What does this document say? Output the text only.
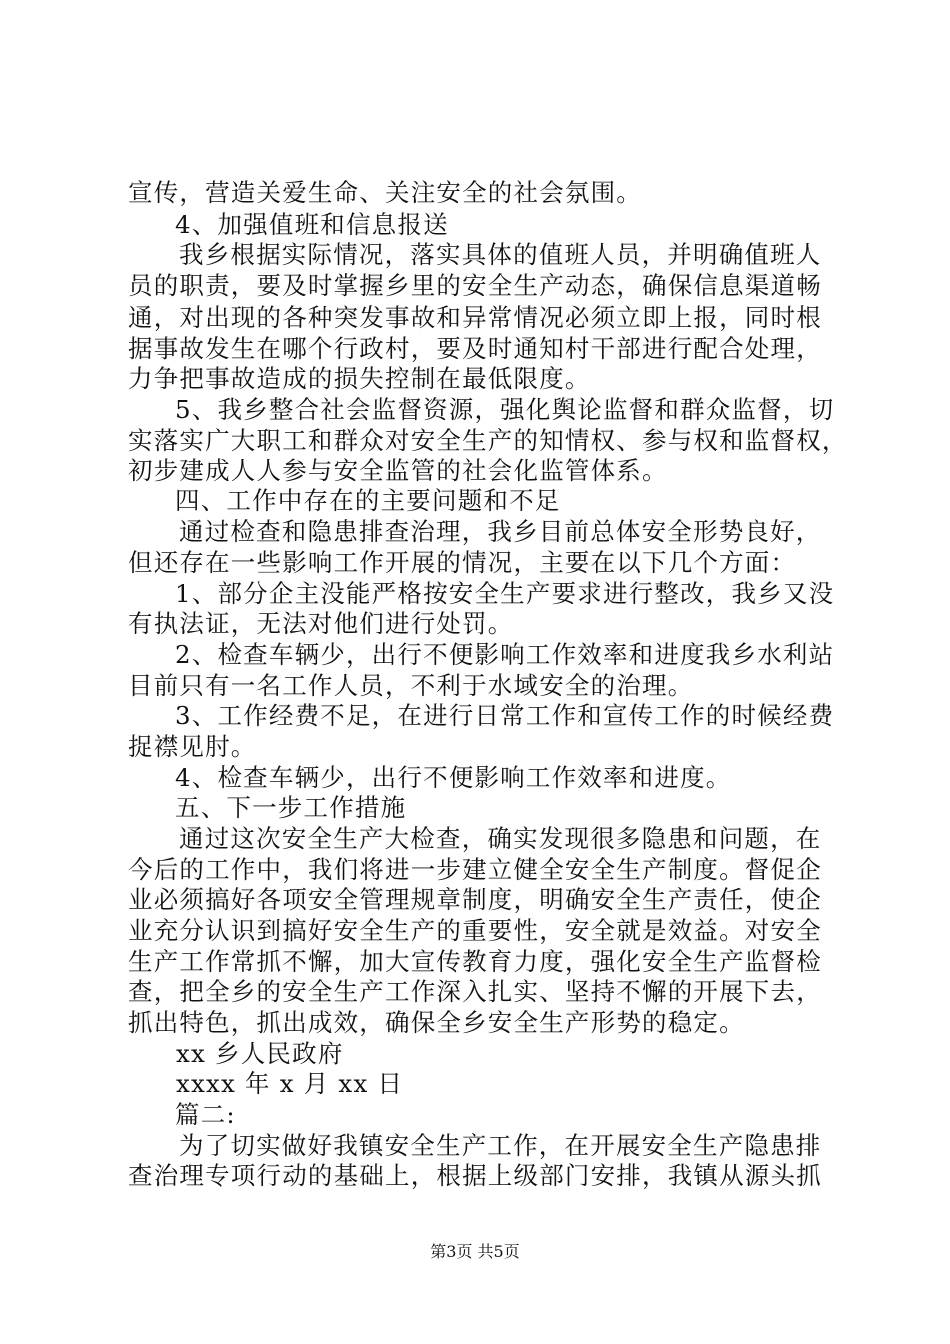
宣传，营造关爱生命、关注安全的社会氛围。
4、加强值班和信息报送
我乡根据实际情况，落实具体的值班人员，并明确值班人
员的职责，要及时掌握乡里的安全生产动态，确保信息渠道畅
通，对出现的各种突发事故和异常情况必须立即上报，同时根
据事故发生在哪个行政村，要及时通知村干部进行配合处理，
力争把事故造成的损失控制在最低限度。
5、我乡整合社会监督资源，强化舆论监督和群众监督，切
实落实广大职工和群众对安全生产的知情权、参与权和监督权，
初步建成人人参与安全监管的社会化监管体系。
四、工作中存在的主要问题和不足
通过检查和隐患排查治理，我乡目前总体安全形势良好，
但还存在一些影响工作开展的情况，主要在以下几个方面：
1、部分企主没能严格按安全生产要求进行整改，我乡又没
有执法证，无法对他们进行处罚。
2、检查车辆少，出行不便影响工作效率和进度我乡水利站
目前只有一名工作人员，不利于水域安全的治理。
3、工作经费不足，在进行日常工作和宣传工作的时候经费
捉襟见肘。
4、检查车辆少，出行不便影响工作效率和进度。
五、下一步工作措施
通过这次安全生产大检查，确实发现很多隐患和问题，在
今后的工作中，我们将进一步建立健全安全生产制度。督促企
业必须搞好各项安全管理规章制度，明确安全生产责任，使企
业充分认识到搞好安全生产的重要性，安全就是效益。对安全
生产工作常抓不懈，加大宣传教育力度，强化安全生产监督检
查，把全乡的安全生产工作深入扎实、坚持不懈的开展下去，
抓出特色，抓出成效，确保全乡安全生产形势的稳定。
xx 乡人民政府
xxxx 年 x 月 xx 日
篇二:
为了切实做好我镇安全生产工作，在开展安全生产隐患排
查治理专项行动的基础上，根据上级部门安排，我镇从源头抓
第3页 共5页
